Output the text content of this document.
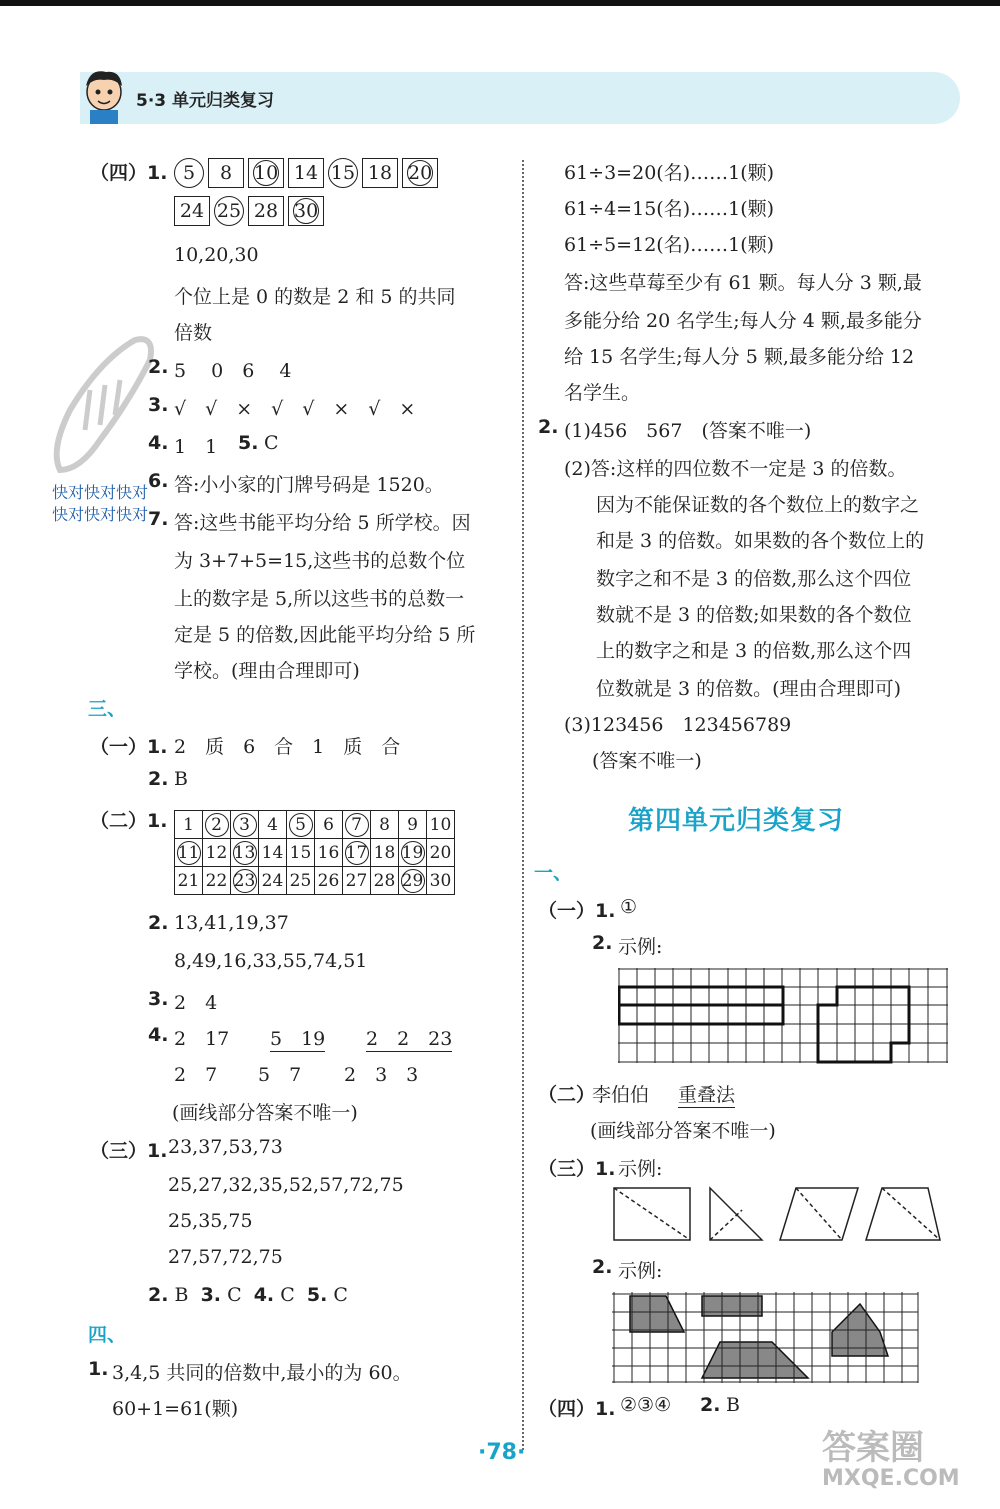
5·3 单元归类复习
快对快对快对
快对快对快对
（四）1. 5 8 10 14 15 18 20
24 25 28 30
10,20,30
个位上是 0 的数是 2 和 5 的共同
倍数
2. 5　 0　6　 4
3. √　√　×　√　√　×　√　×
4. 1　1 5. C
6. 答:小小家的门牌号码是 1520。
7. 答:这些书能平均分给 5 所学校。因
为 3+7+5=15,这些书的总数个位
上的数字是 5,所以这些书的总数一
定是 5 的倍数,因此能平均分给 5 所
学校。(理由合理即可)
三、
（一）1. 2　质　6　合　1　质　合
2. B
（二）1. 1	2	3	4	5	6	7	8	9	10
11	12	13	14	15	16	17	18	19	20
21	22	23	24	25	26	27	28	29	30
2. 13,41,19,37
8,49,16,33,55,74,51
3. 2　4
4. 2　17 5　19 2　2　23
2　7 5　7 2　3　3
(画线部分答案不唯一)
（三）1. 23,37,53,73
25,27,32,35,52,57,72,75
25,35,75
27,57,72,75
2. B 3. C 4. C 5. C
四、
1. 3,4,5 共同的倍数中,最小的为 60。
60+1=61(颗)
61÷3=20(名)……1(颗)
61÷4=15(名)……1(颗)
61÷5=12(名)……1(颗)
答:这些草莓至少有 61 颗。每人分 3 颗,最
多能分给 20 名学生;每人分 4 颗,最多能分
给 15 名学生;每人分 5 颗,最多能分给 12
名学生。
2. (1)456　567　(答案不唯一)
(2)答:这样的四位数不一定是 3 的倍数。
因为不能保证数的各个数位上的数字之
和是 3 的倍数。如果数的各个数位上的
数字之和不是 3 的倍数,那么这个四位
数就不是 3 的倍数;如果数的各个数位
上的数字之和是 3 的倍数,那么这个四
位数就是 3 的倍数。(理由合理即可)
(3)123456　123456789
(答案不唯一)
第四单元归类复习
一、
（一）1. ①
2. 示例:
（二）
李伯伯 重叠法
(画线部分答案不唯一)
（三）1. 示例:
2. 示例:
（四）1. ②③④ 2. B
·78·	答案圈
MXQE.COM
